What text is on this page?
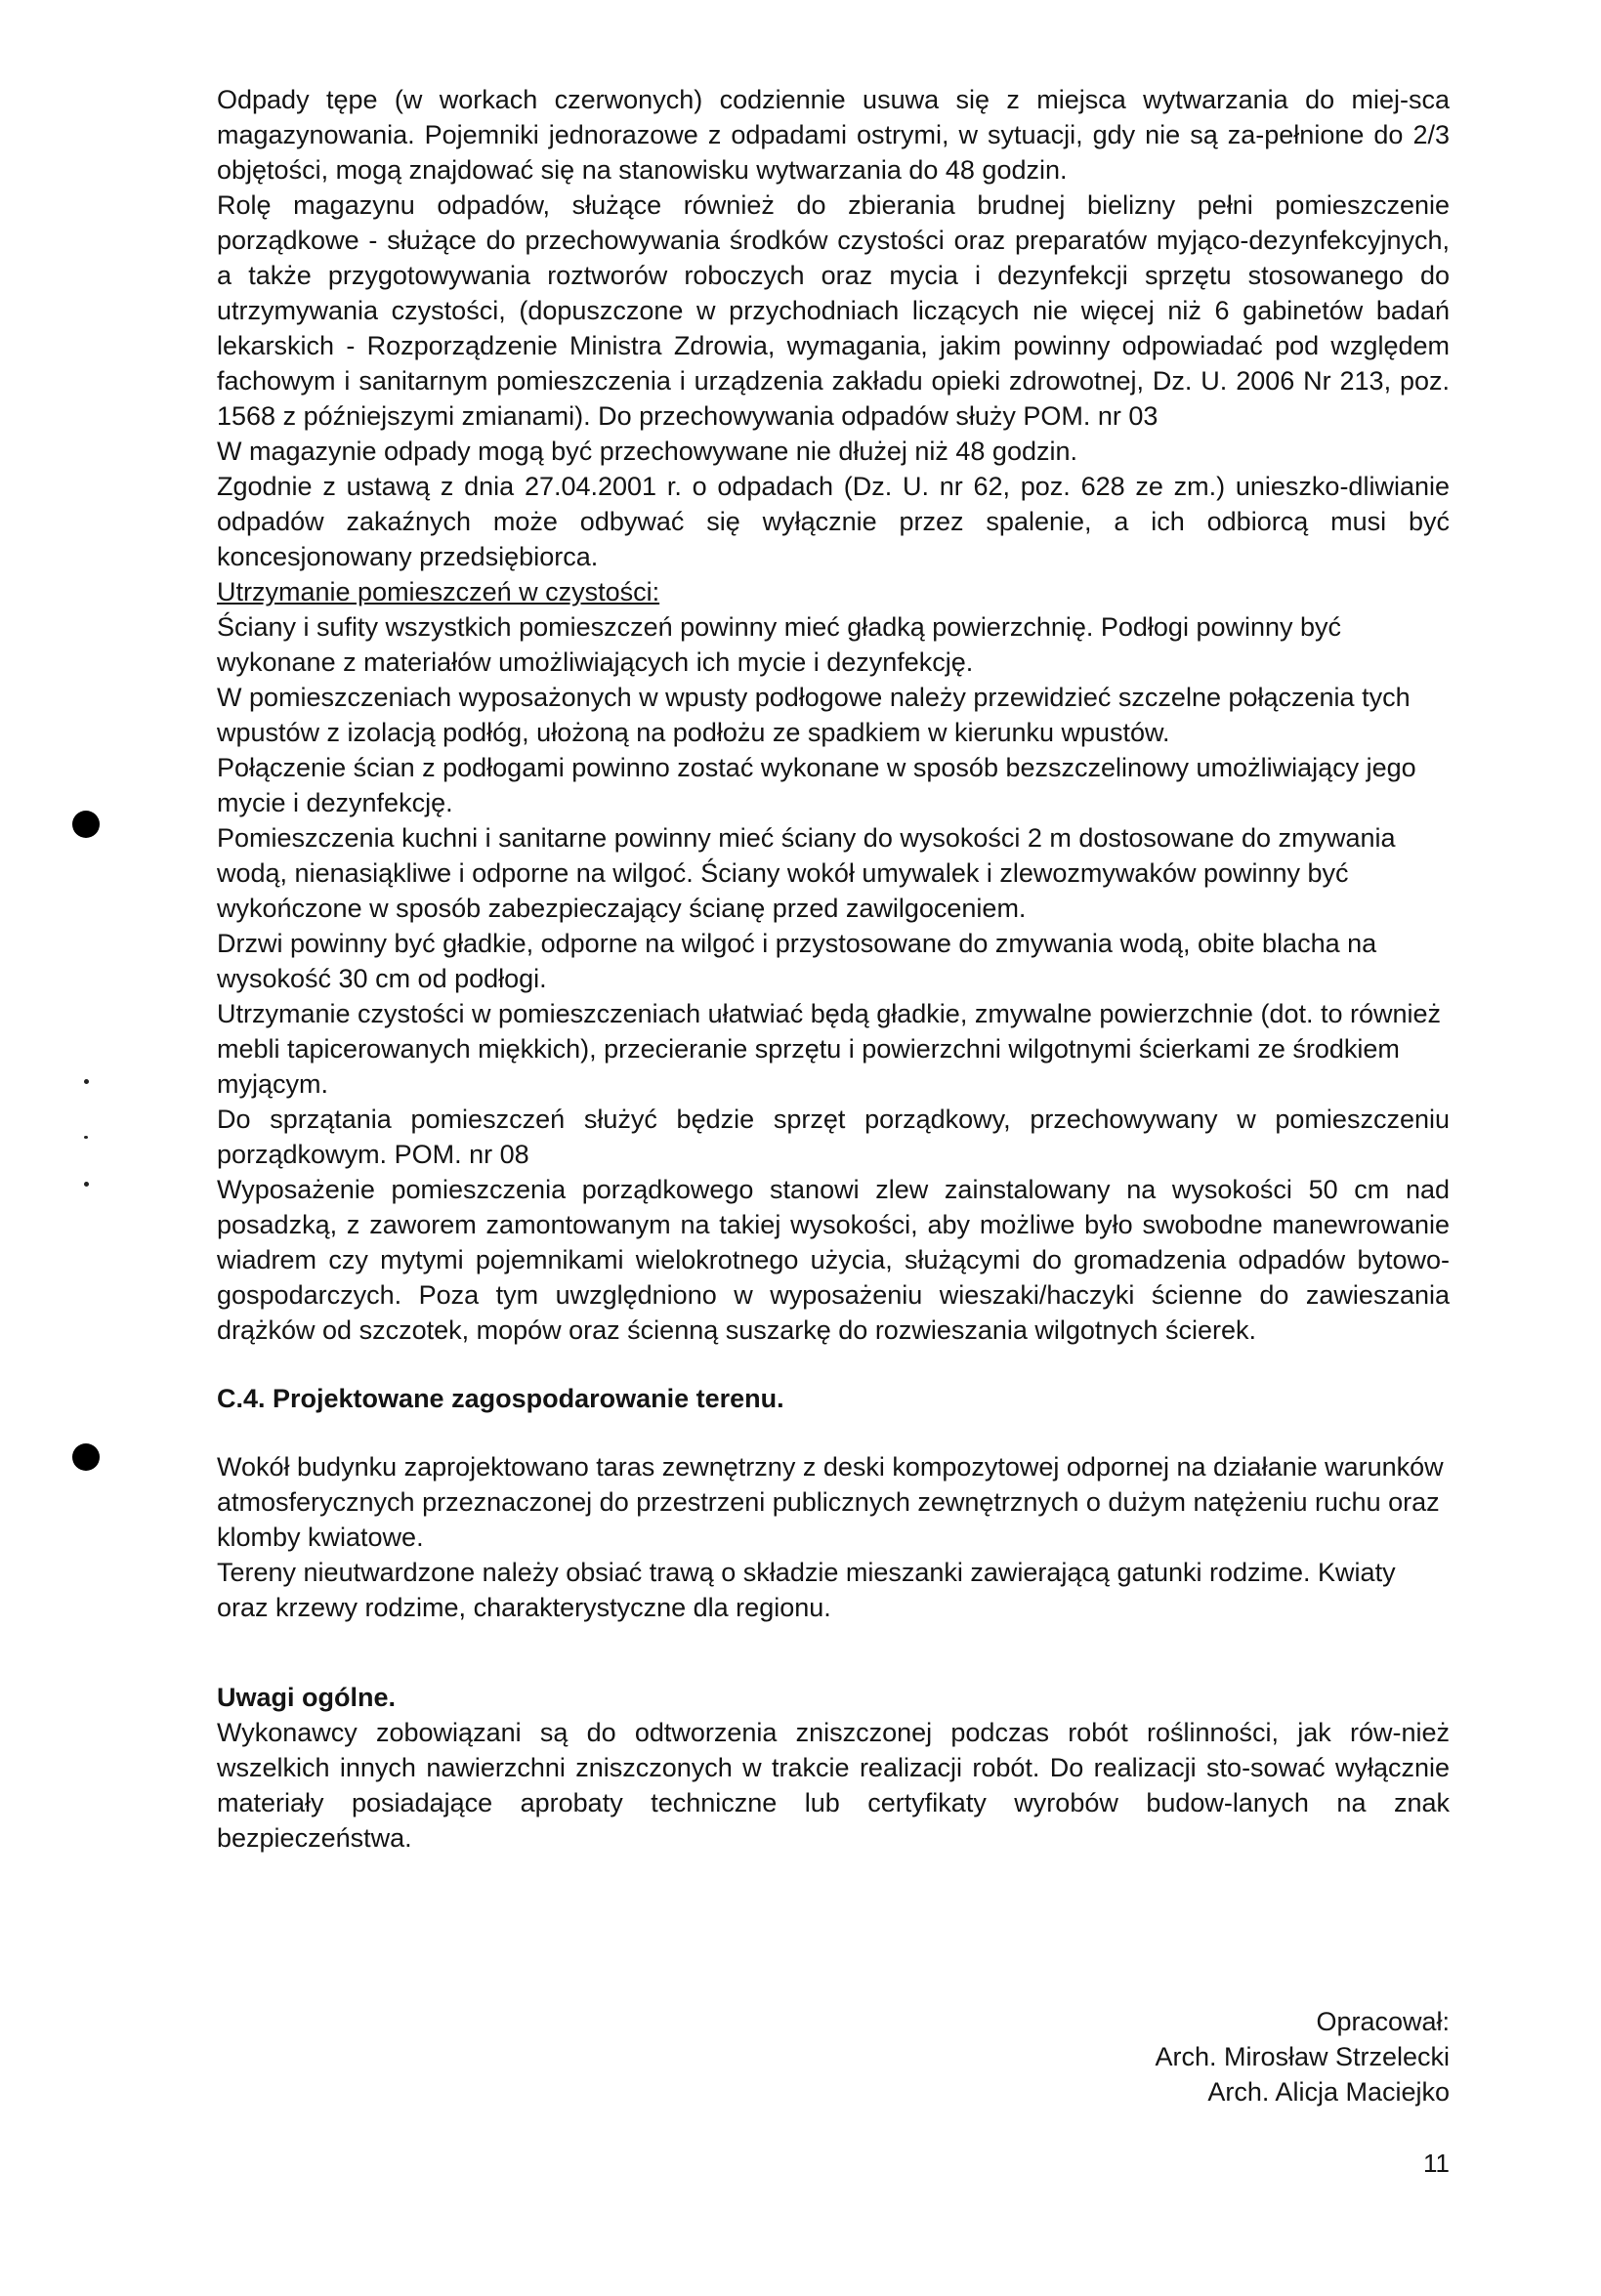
Odpady tępe (w workach czerwonych) codziennie usuwa się z miejsca wytwarzania do miej-sca magazynowania. Pojemniki jednorazowe z odpadami ostrymi, w sytuacji, gdy nie są za-pełnione do 2/3 objętości, mogą znajdować się na stanowisku wytwarzania do 48 godzin.

Rolę magazynu odpadów, służące również do zbierania brudnej bielizny pełni pomieszczenie porządkowe - służące do przechowywania środków czystości oraz preparatów myjąco-dezynfekcyjnych, a także przygotowywania roztworów roboczych oraz mycia i dezynfekcji sprzętu stosowanego do utrzymywania czystości, (dopuszczone w przychodniach liczących nie więcej niż 6 gabinetów badań lekarskich - Rozporządzenie Ministra Zdrowia, wymagania, jakim powinny odpowiadać pod względem fachowym i sanitarnym pomieszczenia i urządzenia zakładu opieki zdrowotnej, Dz. U. 2006 Nr 213, poz. 1568 z późniejszymi zmianami). Do przechowywania odpadów służy POM. nr 03

W magazynie odpady mogą być przechowywane nie dłużej niż 48 godzin.

Zgodnie z ustawą z dnia 27.04.2001 r. o odpadach (Dz. U. nr 62, poz. 628 ze zm.) unieszko-dliwianie odpadów zakaźnych może odbywać się wyłącznie przez spalenie, a ich odbiorcą musi być koncesjonowany przedsiębiorca.

Utrzymanie pomieszczeń w czystości:

Ściany i sufity wszystkich pomieszczeń powinny mieć gładką powierzchnię. Podłogi powinny być wykonane z materiałów umożliwiających ich mycie i dezynfekcję.

W pomieszczeniach wyposażonych w wpusty podłogowe należy przewidzieć szczelne połączenia tych wpustów z izolacją podłóg, ułożoną na podłożu ze spadkiem w kierunku wpustów.

Połączenie ścian z podłogami powinno zostać wykonane w sposób bezszczelinowy umożliwiający jego mycie i dezynfekcję.

Pomieszczenia kuchni i sanitarne powinny mieć ściany do wysokości 2 m dostosowane do zmywania wodą, nienasiąkliwe i odporne na wilgoć. Ściany wokół umywalek i zlewozmywaków powinny być wykończone w sposób zabezpieczający ścianę przed zawilgoceniem.

Drzwi powinny być gładkie, odporne na wilgoć i przystosowane do zmywania wodą, obite blacha na wysokość 30 cm od podłogi.

Utrzymanie czystości w pomieszczeniach ułatwiać będą gładkie, zmywalne powierzchnie (dot. to również mebli tapicerowanych miękkich), przecieranie sprzętu i powierzchni wilgotnymi ścierkami ze środkiem myjącym.

Do sprzątania pomieszczeń służyć będzie sprzęt porządkowy, przechowywany w pomieszczeniu porządkowym. POM. nr 08

Wyposażenie pomieszczenia porządkowego stanowi zlew zainstalowany na wysokości 50 cm nad posadzką, z zaworem zamontowanym na takiej wysokości, aby możliwe było swobodne manewrowanie wiadrem czy mytymi pojemnikami wielokrotnego użycia, służącymi do gromadzenia odpadów bytowo-gospodarczych. Poza tym uwzględniono w wyposażeniu wieszaki/haczyki ścienne do zawieszania drążków od szczotek, mopów oraz ścienną suszarkę do rozwieszania wilgotnych ścierek.

C.4. Projektowane zagospodarowanie terenu.

Wokół budynku zaprojektowano taras zewnętrzny z deski kompozytowej odpornej na działanie warunków atmosferycznych przeznaczonej do przestrzeni publicznych zewnętrznych o dużym natężeniu ruchu oraz klomby kwiatowe.

Tereny nieutwardzone należy obsiać trawą o składzie mieszanki zawierającą gatunki rodzime. Kwiaty oraz krzewy rodzime, charakterystyczne dla regionu.

Uwagi ogólne.

Wykonawcy zobowiązani są do odtworzenia zniszczonej podczas robót roślinności, jak rów-nież wszelkich innych nawierzchni zniszczonych w trakcie realizacji robót. Do realizacji sto-sować wyłącznie materiały posiadające aprobaty techniczne lub certyfikaty wyrobów budow-lanych na znak bezpieczeństwa.

Opracował:
Arch. Mirosław Strzelecki
Arch. Alicja Maciejko
11
